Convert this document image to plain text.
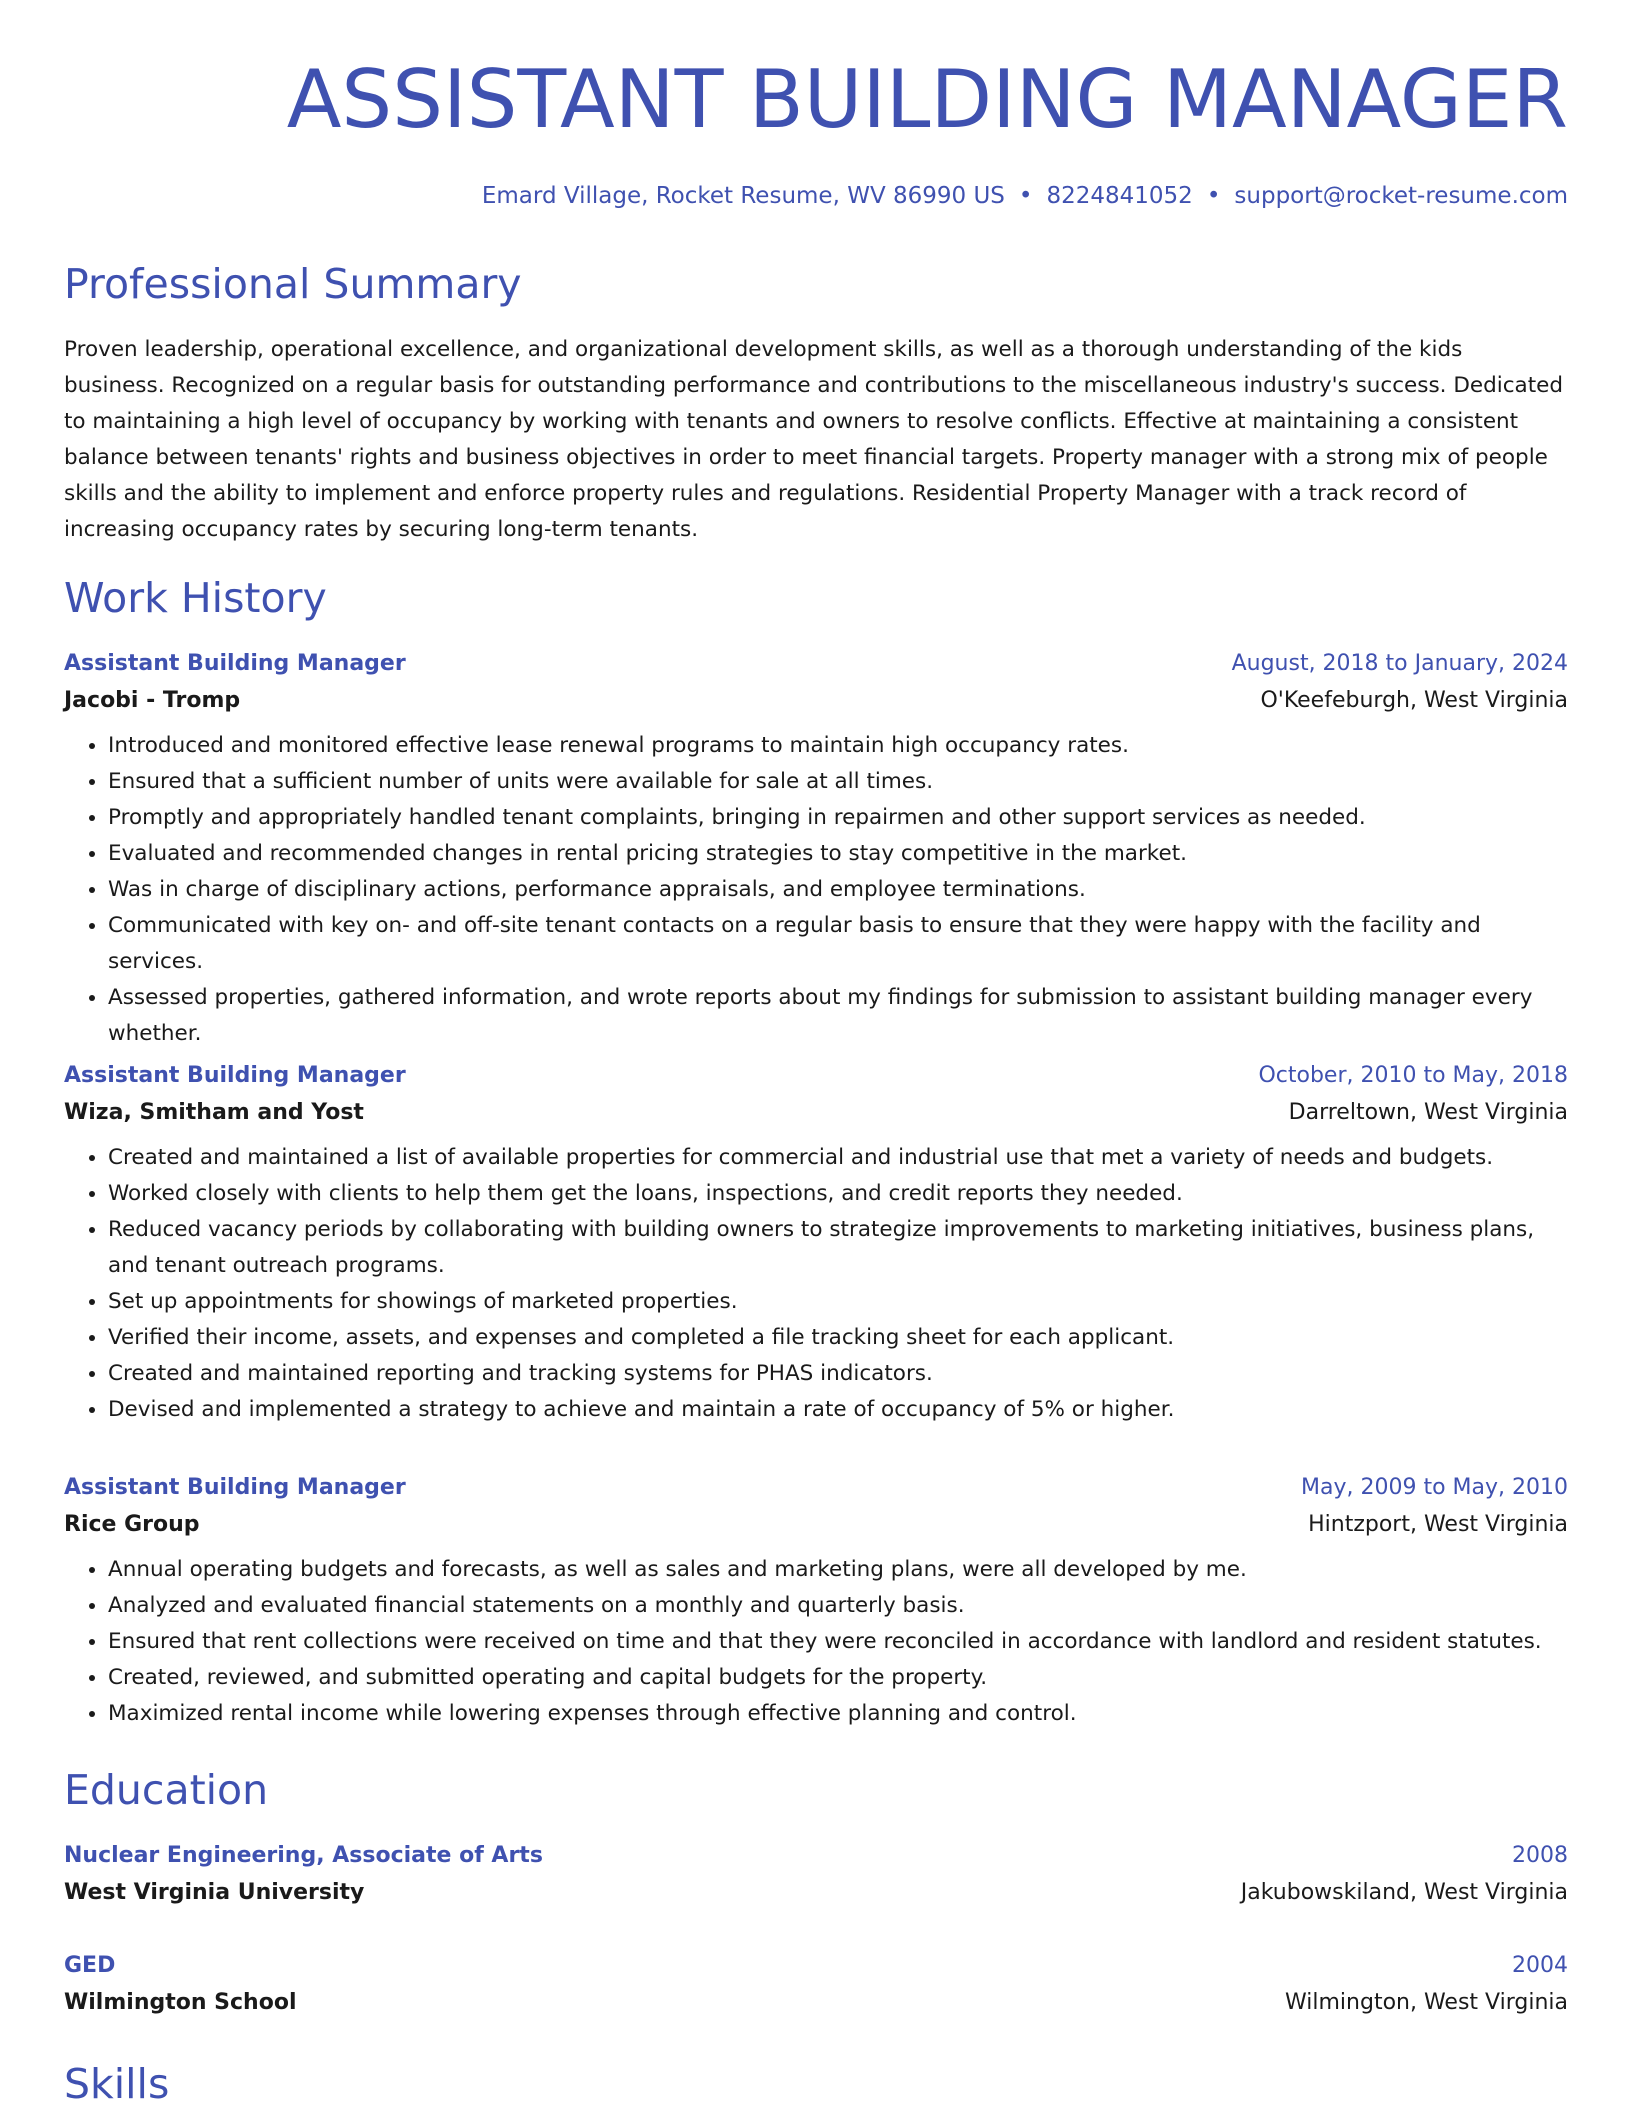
ASSISTANT BUILDING MANAGER
Emard Village, Rocket Resume, WV 86990 US • 8224841052 • support@rocket-resume.com
Professional Summary

Proven leadership, operational excellence, and organizational development skills, as well as a thorough understanding of the kids business. Recognized on a regular basis for outstanding performance and contributions to the miscellaneous industry's success. Dedicated to maintaining a high level of occupancy by working with tenants and owners to resolve conflicts. Effective at maintaining a consistent balance between tenants' rights and business objectives in order to meet financial targets. Property manager with a strong mix of people skills and the ability to implement and enforce property rules and regulations. Residential Property Manager with a track record of increasing occupancy rates by securing long-term tenants.

Work History
Assistant Building Manager	August, 2018 to January, 2024
Jacobi - Tromp	O'Keefeburgh, West Virginia
• Introduced and monitored effective lease renewal programs to maintain high occupancy rates.
• Ensured that a sufficient number of units were available for sale at all times.
• Promptly and appropriately handled tenant complaints, bringing in repairmen and other support services as needed.
• Evaluated and recommended changes in rental pricing strategies to stay competitive in the market.
• Was in charge of disciplinary actions, performance appraisals, and employee terminations.
• Communicated with key on- and off-site tenant contacts on a regular basis to ensure that they were happy with the facility and services.
• Assessed properties, gathered information, and wrote reports about my findings for submission to assistant building manager every whether.
Assistant Building Manager	October, 2010 to May, 2018
Wiza, Smitham and Yost	Darreltown, West Virginia
• Created and maintained a list of available properties for commercial and industrial use that met a variety of needs and budgets.
• Worked closely with clients to help them get the loans, inspections, and credit reports they needed.
• Reduced vacancy periods by collaborating with building owners to strategize improvements to marketing initiatives, business plans, and tenant outreach programs.
• Set up appointments for showings of marketed properties.
• Verified their income, assets, and expenses and completed a file tracking sheet for each applicant.
• Created and maintained reporting and tracking systems for PHAS indicators.
• Devised and implemented a strategy to achieve and maintain a rate of occupancy of 5% or higher.
Assistant Building Manager	May, 2009 to May, 2010
Rice Group	Hintzport, West Virginia
• Annual operating budgets and forecasts, as well as sales and marketing plans, were all developed by me.
• Analyzed and evaluated financial statements on a monthly and quarterly basis.
• Ensured that rent collections were received on time and that they were reconciled in accordance with landlord and resident statutes.
• Created, reviewed, and submitted operating and capital budgets for the property.
• Maximized rental income while lowering expenses through effective planning and control.
Education
Nuclear Engineering, Associate of Arts	2008
West Virginia University	Jakubowskiland, West Virginia
GED	2004
Wilmington School	Wilmington, West Virginia
Skills
